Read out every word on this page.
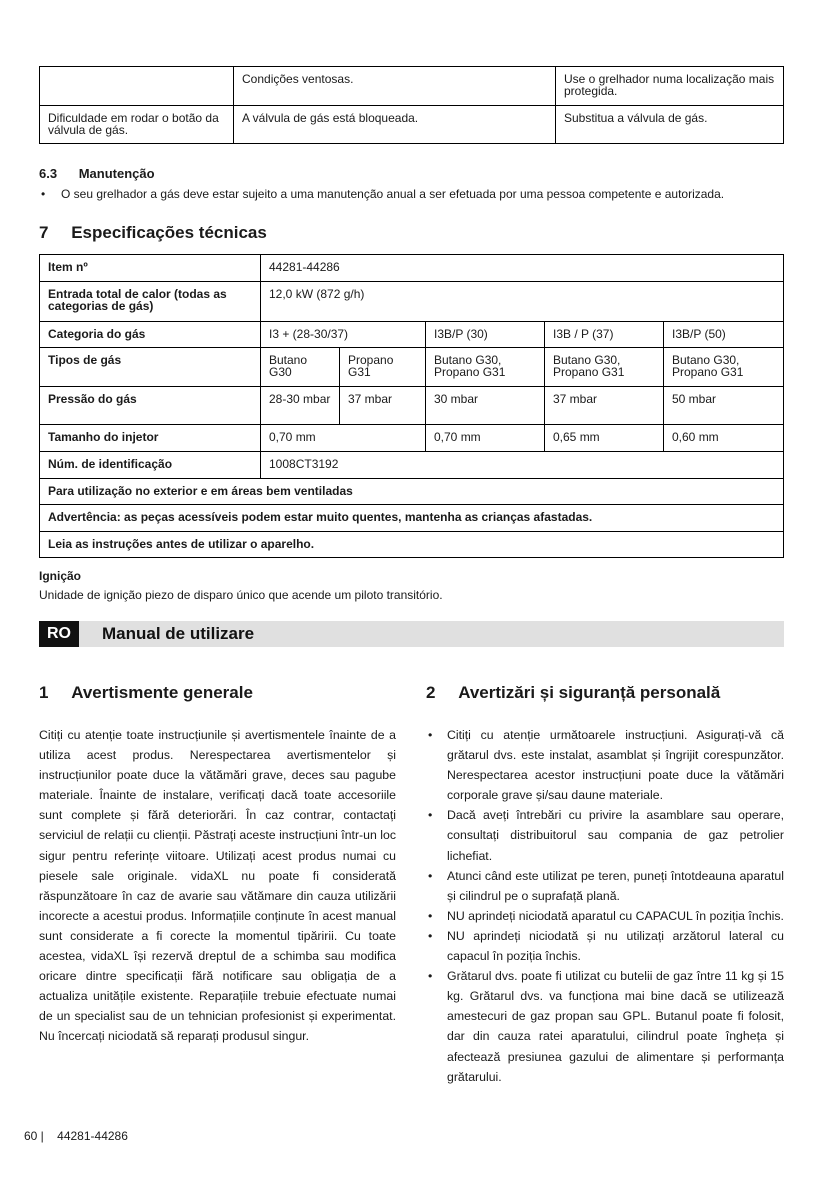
	Condições ventosas.	Use o grelhador numa localização mais protegida.
Dificuldade em rodar o botão da válvula de gás.	A válvula de gás está bloqueada.	Substitua a válvula de gás.
6.3 Manutenção
• O seu grelhador a gás deve estar sujeito a uma manutenção anual a ser efetuada por uma pessoa competente e autorizada.
7 Especificações técnicas
Item nº	44281-44286				
Entrada total de calor (todas as categorias de gás)	12,0 kW (872 g/h)				
Categoria do gás	I3 + (28-30/37)		I3B/P (30)	I3B / P (37)	I3B/P (50)
Tipos de gás	Butano G30	Propano G31	Butano G30, Propano G31	Butano G30, Propano G31	Butano G30, Propano G31
Pressão do gás	28-30 mbar	37 mbar	30 mbar	37 mbar	50 mbar
Tamanho do injetor	0,70 mm		0,70 mm	0,65 mm	0,60 mm
Núm. de identificação	1008CT3192				
Para utilização no exterior e em áreas bem ventiladas					
Advertência: as peças acessíveis podem estar muito quentes, mantenha as crianças afastadas.					
Leia as instruções antes de utilizar o aparelho.					
Ignição
Unidade de ignição piezo de disparo único que acende um piloto transitório.
RO	Manual de utilizare
1 Avertismente generale
Citiți cu atenție toate instrucțiunile și avertismentele înainte de a utiliza acest produs. Nerespectarea avertismentelor și instrucțiunilor poate duce la vătămări grave, deces sau pagube materiale. Înainte de instalare, verificați dacă toate accesoriile sunt complete și fără deteriorări. În caz contrar, contactați serviciul de relații cu clienții. Păstrați aceste instrucțiuni într-un loc sigur pentru referințe viitoare. Utilizați acest produs numai cu piesele sale originale. vidaXL nu poate fi considerată răspunzătoare în caz de avarie sau vătămare din cauza utilizării incorecte a acestui produs. Informațiile conținute în acest manual sunt considerate a fi corecte la momentul tipăririi. Cu toate acestea, vidaXL își rezervă dreptul de a schimba sau modifica oricare dintre specificații fără notificare sau obligația de a actualiza unitățile existente. Reparațiile trebuie efectuate numai de un specialist sau de un tehnician profesionist și experimentat. Nu încercați niciodată să reparați produsul singur.
2 Avertizări și siguranță personală
• Citiți cu atenție următoarele instrucțiuni. Asigurați-vă că grătarul dvs. este instalat, asamblat și îngrijit corespunzător. Nerespectarea acestor instrucțiuni poate duce la vătămări corporale grave și/sau daune materiale.
• Dacă aveți întrebări cu privire la asamblare sau operare, consultați distribuitorul sau compania de gaz petrolier lichefiat.
• Atunci când este utilizat pe teren, puneți întotdeauna aparatul și cilindrul pe o suprafață plană.
• NU aprindeți niciodată aparatul cu CAPACUL în poziția închis.
• NU aprindeți niciodată și nu utilizați arzătorul lateral cu capacul în poziția închis.
• Grătarul dvs. poate fi utilizat cu butelii de gaz între 11 kg și 15 kg. Grătarul dvs. va funcționa mai bine dacă se utilizează amestecuri de gaz propan sau GPL. Butanul poate fi folosit, dar din cauza ratei aparatului, cilindrul poate îngheța și afectează presiunea gazului de alimentare și performanța grătarului.
60 | 44281-44286
